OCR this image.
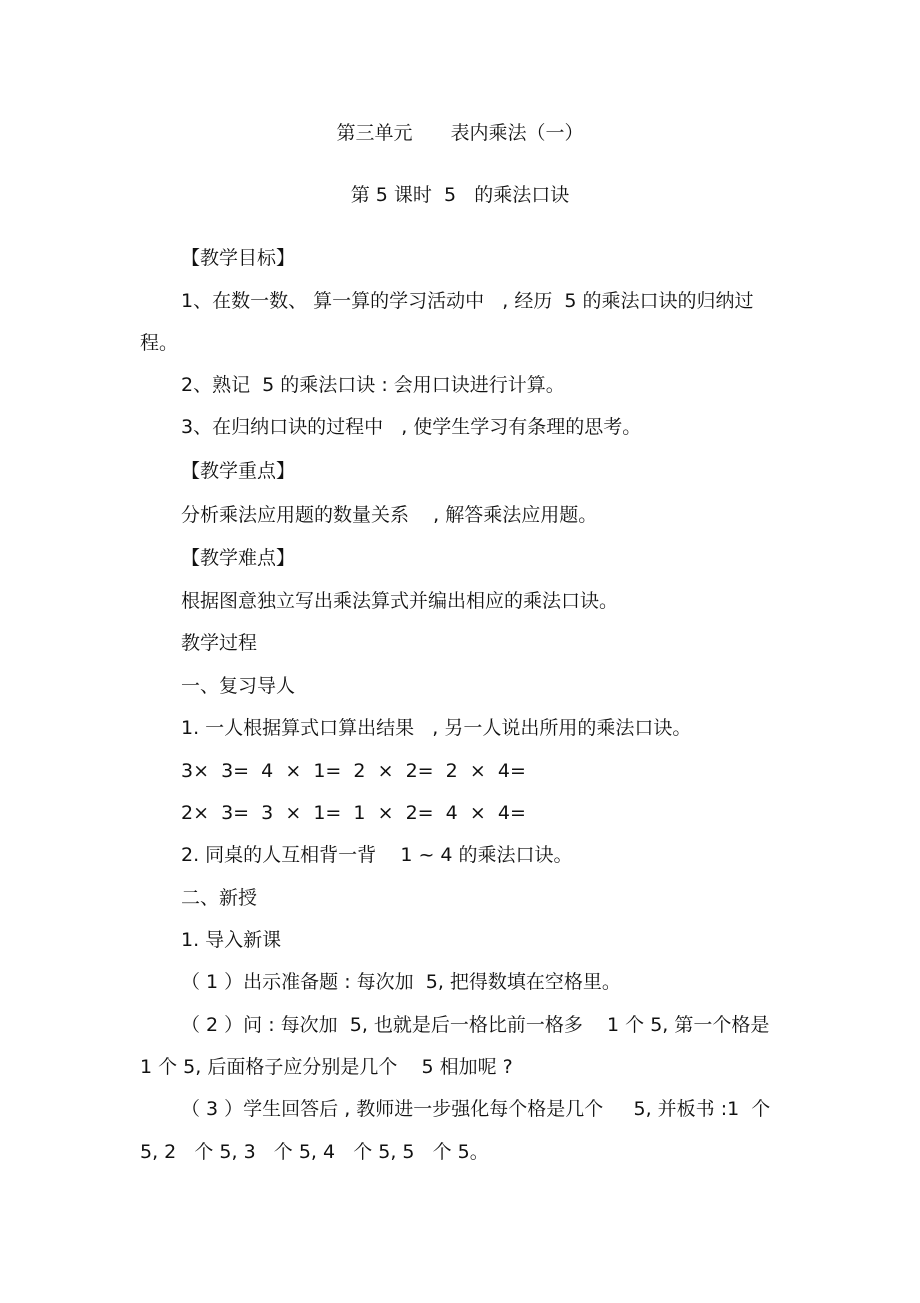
第三单元　　表内乘法（一）
第 5 课时  5   的乘法口诀
【教学目标】
1、在数一数、 算一算的学习活动中   , 经历  5 的乘法口诀的归纳过
程。
2、熟记  5 的乘法口诀 : 会用口诀进行计算。
3、在归纳口诀的过程中   , 使学生学习有条理的思考。
【教学重点】
分析乘法应用题的数量关系    , 解答乘法应用题。
【教学难点】
根据图意独立写出乘法算式并编出相应的乘法口诀。
教学过程
一、复习导人
1. 一人根据算式口算出结果   , 另一人说出所用的乘法口诀。
3×  3=  4  ×  1=  2  ×  2=  2  ×  4=
2×  3=  3  ×  1=  1  ×  2=  4  ×  4=
2. 同桌的人互相背一背    1 ~ 4 的乘法口诀。
二、新授
1. 导入新课
（ 1 ）出示准备题 : 每次加  5, 把得数填在空格里。
（ 2 ）问 : 每次加  5, 也就是后一格比前一格多    1 个 5, 第一个格是
1 个 5, 后面格子应分别是几个    5 相加呢 ?
（ 3 ）学生回答后 , 教师进一步强化每个格是几个     5, 并板书 :1  个
5, 2   个 5, 3   个 5, 4   个 5, 5   个 5。
